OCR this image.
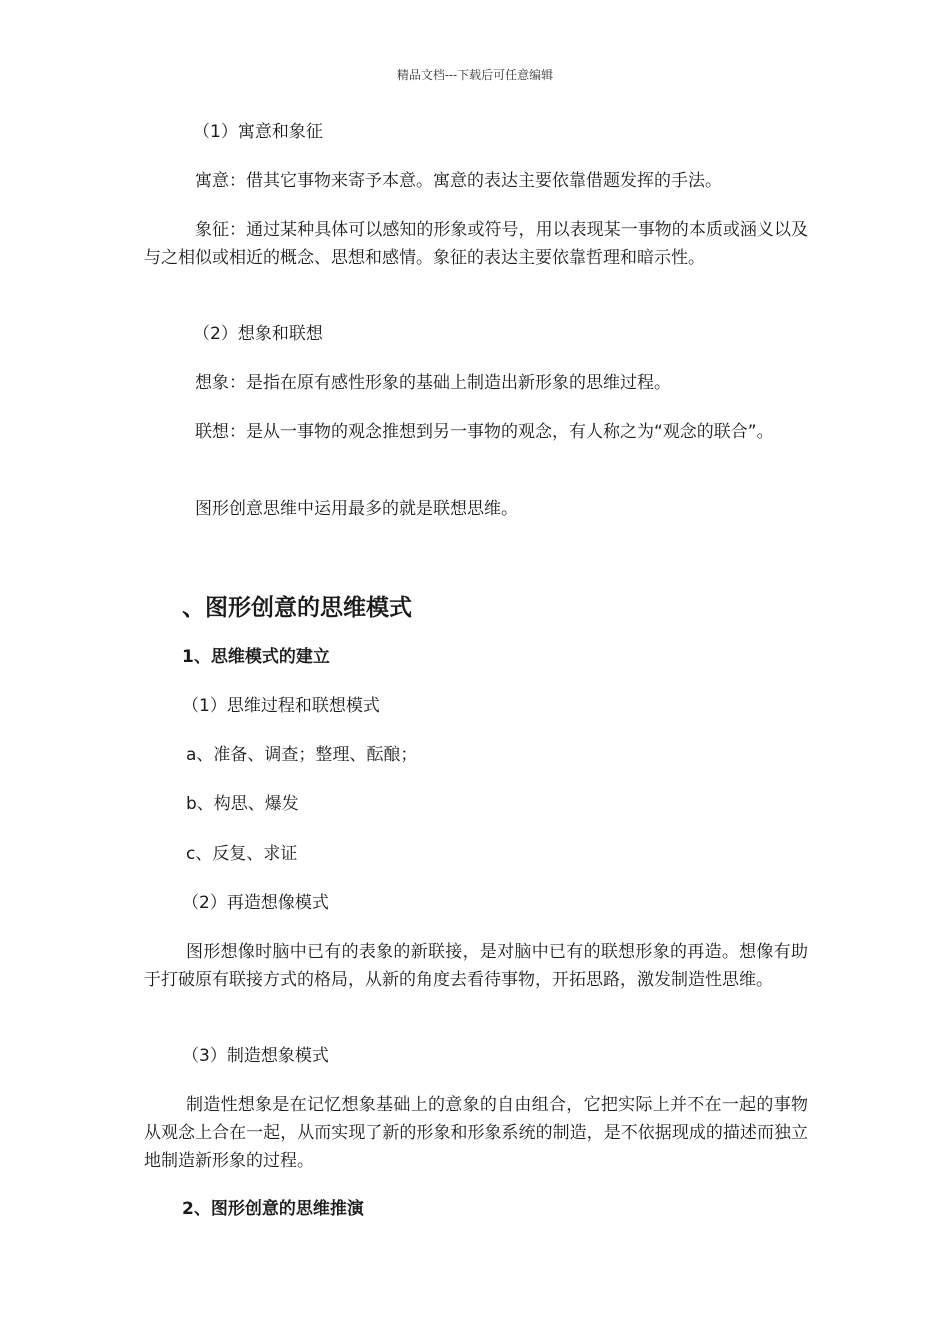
精品文档---下载后可任意编辑
（1）寓意和象征
寓意：借其它事物来寄予本意。寓意的表达主要依靠借题发挥的手法。
象征：通过某种具体可以感知的形象或符号，用以表现某一事物的本质或涵义以及与之相似或相近的概念、思想和感情。象征的表达主要依靠哲理和暗示性。
（2）想象和联想
想象：是指在原有感性形象的基础上制造出新形象的思维过程。
联想：是从一事物的观念推想到另一事物的观念，有人称之为“观念的联合”。
图形创意思维中运用最多的就是联想思维。
、图形创意的思维模式
1、思维模式的建立
（1）思维过程和联想模式
a、准备、调查；整理、酝酿；
b、构思、爆发
c、反复、求证
（2）再造想像模式
图形想像时脑中已有的表象的新联接，是对脑中已有的联想形象的再造。想像有助于打破原有联接方式的格局，从新的角度去看待事物，开拓思路，激发制造性思维。
（3）制造想象模式
制造性想象是在记忆想象基础上的意象的自由组合，它把实际上并不在一起的事物从观念上合在一起，从而实现了新的形象和形象系统的制造，是不依据现成的描述而独立地制造新形象的过程。
2、图形创意的思维推演
